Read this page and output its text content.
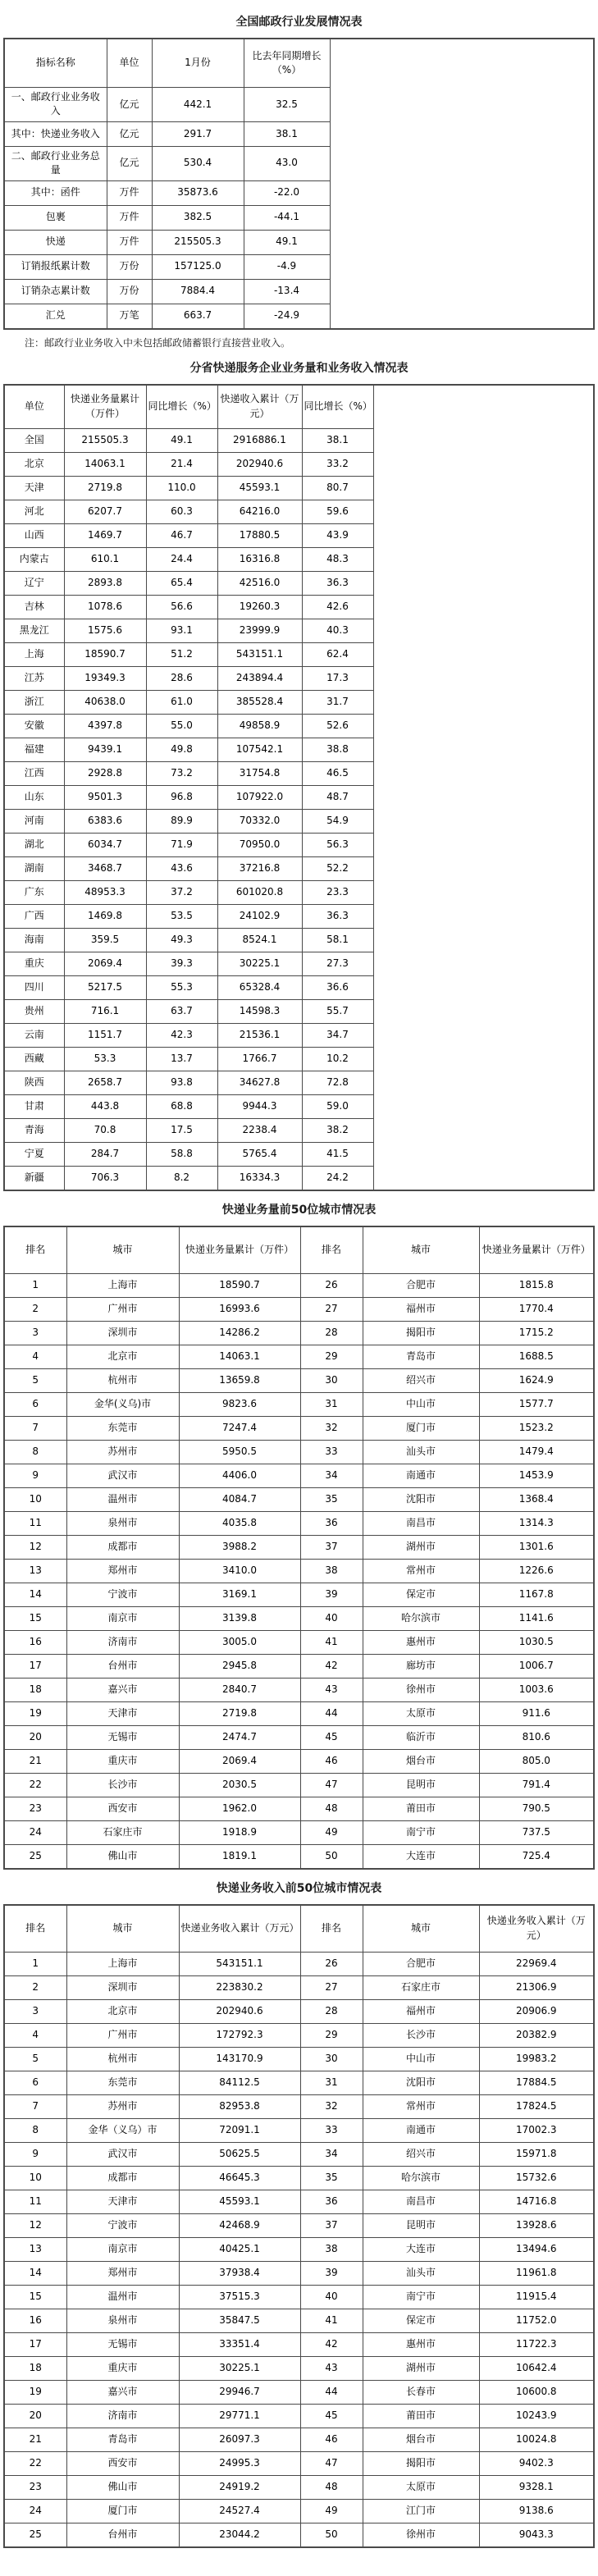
全国邮政行业发展情况表
指标名称	单位	1月份	比去年同期增长（%）	
一、邮政行业业务收入	亿元	442.1	32.5	
其中：快递业务收入	亿元	291.7	38.1	
二、邮政行业业务总量	亿元	530.4	43.0	
其中：函件	万件	35873.6	-22.0	
包裹	万件	382.5	-44.1	
快递	万件	215505.3	49.1	
订销报纸累计数	万份	157125.0	-4.9	
订销杂志累计数	万份	7884.4	-13.4	
汇兑	万笔	663.7	-24.9	

注：邮政行业业务收入中未包括邮政储蓄银行直接营业收入。

分省快递服务企业业务量和业务收入情况表
单位	快递业务量累计（万件）	同比增长（%）	快递收入累计（万元）	同比增长（%）	
全国	215505.3	49.1	2916886.1	38.1	
北京	14063.1	21.4	202940.6	33.2	
天津	2719.8	110.0	45593.1	80.7	
河北	6207.7	60.3	64216.0	59.6	
山西	1469.7	46.7	17880.5	43.9	
内蒙古	610.1	24.4	16316.8	48.3	
辽宁	2893.8	65.4	42516.0	36.3	
吉林	1078.6	56.6	19260.3	42.6	
黑龙江	1575.6	93.1	23999.9	40.3	
上海	18590.7	51.2	543151.1	62.4	
江苏	19349.3	28.6	243894.4	17.3	
浙江	40638.0	61.0	385528.4	31.7	
安徽	4397.8	55.0	49858.9	52.6	
福建	9439.1	49.8	107542.1	38.8	
江西	2928.8	73.2	31754.8	46.5	
山东	9501.3	96.8	107922.0	48.7	
河南	6383.6	89.9	70332.0	54.9	
湖北	6034.7	71.9	70950.0	56.3	
湖南	3468.7	43.6	37216.8	52.2	
广东	48953.3	37.2	601020.8	23.3	
广西	1469.8	53.5	24102.9	36.3	
海南	359.5	49.3	8524.1	58.1	
重庆	2069.4	39.3	30225.1	27.3	
四川	5217.5	55.3	65328.4	36.6	
贵州	716.1	63.7	14598.3	55.7	
云南	1151.7	42.3	21536.1	34.7	
西藏	53.3	13.7	1766.7	10.2	
陕西	2658.7	93.8	34627.8	72.8	
甘肃	443.8	68.8	9944.3	59.0	
青海	70.8	17.5	2238.4	38.2	
宁夏	284.7	58.8	5765.4	41.5	
新疆	706.3	8.2	16334.3	24.2	
快递业务量前50位城市情况表
排名	城市	快递业务量累计（万件）	排名	城市	快递业务量累计（万件）
1	上海市	18590.7	26	合肥市	1815.8
2	广州市	16993.6	27	福州市	1770.4
3	深圳市	14286.2	28	揭阳市	1715.2
4	北京市	14063.1	29	青岛市	1688.5
5	杭州市	13659.8	30	绍兴市	1624.9
6	金华(义乌)市	9823.6	31	中山市	1577.7
7	东莞市	7247.4	32	厦门市	1523.2
8	苏州市	5950.5	33	汕头市	1479.4
9	武汉市	4406.0	34	南通市	1453.9
10	温州市	4084.7	35	沈阳市	1368.4
11	泉州市	4035.8	36	南昌市	1314.3
12	成都市	3988.2	37	湖州市	1301.6
13	郑州市	3410.0	38	常州市	1226.6
14	宁波市	3169.1	39	保定市	1167.8
15	南京市	3139.8	40	哈尔滨市	1141.6
16	济南市	3005.0	41	惠州市	1030.5
17	台州市	2945.8	42	廊坊市	1006.7
18	嘉兴市	2840.7	43	徐州市	1003.6
19	天津市	2719.8	44	太原市	911.6
20	无锡市	2474.7	45	临沂市	810.6
21	重庆市	2069.4	46	烟台市	805.0
22	长沙市	2030.5	47	昆明市	791.4
23	西安市	1962.0	48	莆田市	790.5
24	石家庄市	1918.9	49	南宁市	737.5
25	佛山市	1819.1	50	大连市	725.4
快递业务收入前50位城市情况表
排名	城市	快递业务收入累计（万元）	排名	城市	快递业务收入累计（万元）
1	上海市	543151.1	26	合肥市	22969.4
2	深圳市	223830.2	27	石家庄市	21306.9
3	北京市	202940.6	28	福州市	20906.9
4	广州市	172792.3	29	长沙市	20382.9
5	杭州市	143170.9	30	中山市	19983.2
6	东莞市	84112.5	31	沈阳市	17884.5
7	苏州市	82953.8	32	常州市	17824.5
8	金华（义乌）市	72091.1	33	南通市	17002.3
9	武汉市	50625.5	34	绍兴市	15971.8
10	成都市	46645.3	35	哈尔滨市	15732.6
11	天津市	45593.1	36	南昌市	14716.8
12	宁波市	42468.9	37	昆明市	13928.6
13	南京市	40425.1	38	大连市	13494.6
14	郑州市	37938.4	39	汕头市	11961.8
15	温州市	37515.3	40	南宁市	11915.4
16	泉州市	35847.5	41	保定市	11752.0
17	无锡市	33351.4	42	惠州市	11722.3
18	重庆市	30225.1	43	湖州市	10642.4
19	嘉兴市	29946.7	44	长春市	10600.8
20	济南市	29771.1	45	莆田市	10243.9
21	青岛市	26097.3	46	烟台市	10024.8
22	西安市	24995.3	47	揭阳市	9402.3
23	佛山市	24919.2	48	太原市	9328.1
24	厦门市	24527.4	49	江门市	9138.6
25	台州市	23044.2	50	徐州市	9043.3
